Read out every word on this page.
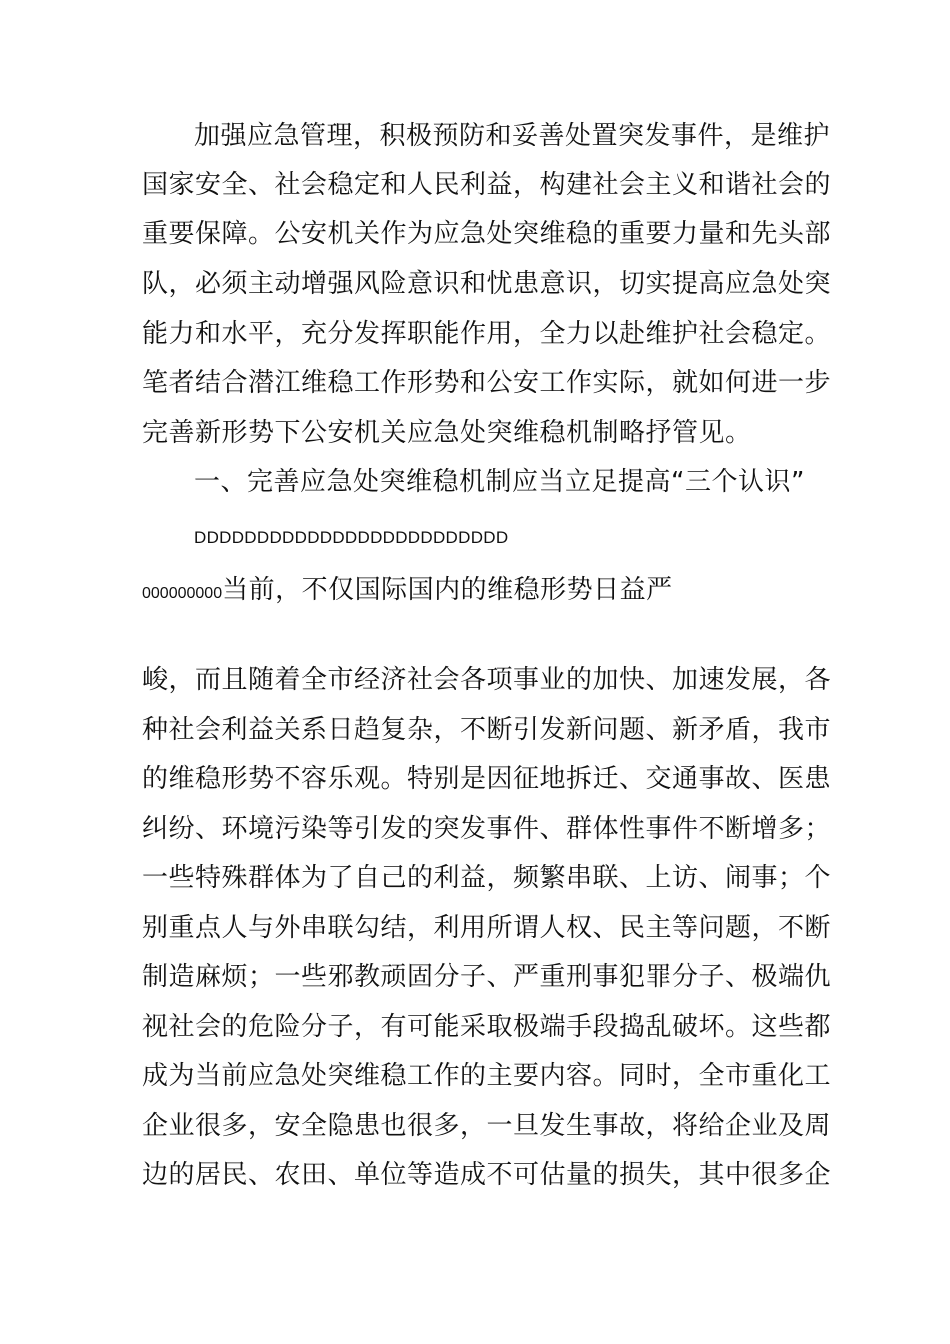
加强应急管理，积极预防和妥善处置突发事件，是维护
国家安全、社会稳定和人民利益，构建社会主义和谐社会的
重要保障。公安机关作为应急处突维稳的重要力量和先头部
队，必须主动增强风险意识和忧患意识，切实提高应急处突
能力和水平，充分发挥职能作用，全力以赴维护社会稳定。
笔者结合潜江维稳工作形势和公安工作实际，就如何进一步
完善新形势下公安机关应急处突维稳机制略抒管见。
一、完善应急处突维稳机制应当立足提高“三个认识”
DDDDDDDDDDDDDDDDDDDDDDDDD
000000000当前，不仅国际国内的维稳形势日益严
峻，而且随着全市经济社会各项事业的加快、加速发展，各
种社会利益关系日趋复杂，不断引发新问题、新矛盾，我市
的维稳形势不容乐观。特别是因征地拆迁、交通事故、医患
纠纷、环境污染等引发的突发事件、群体性事件不断增多；
一些特殊群体为了自己的利益，频繁串联、上访、闹事；个
别重点人与外串联勾结，利用所谓人权、民主等问题，不断
制造麻烦；一些邪教顽固分子、严重刑事犯罪分子、极端仇
视社会的危险分子，有可能采取极端手段捣乱破坏。这些都
成为当前应急处突维稳工作的主要内容。同时，全市重化工
企业很多，安全隐患也很多，一旦发生事故，将给企业及周
边的居民、农田、单位等造成不可估量的损失，其中很多企
